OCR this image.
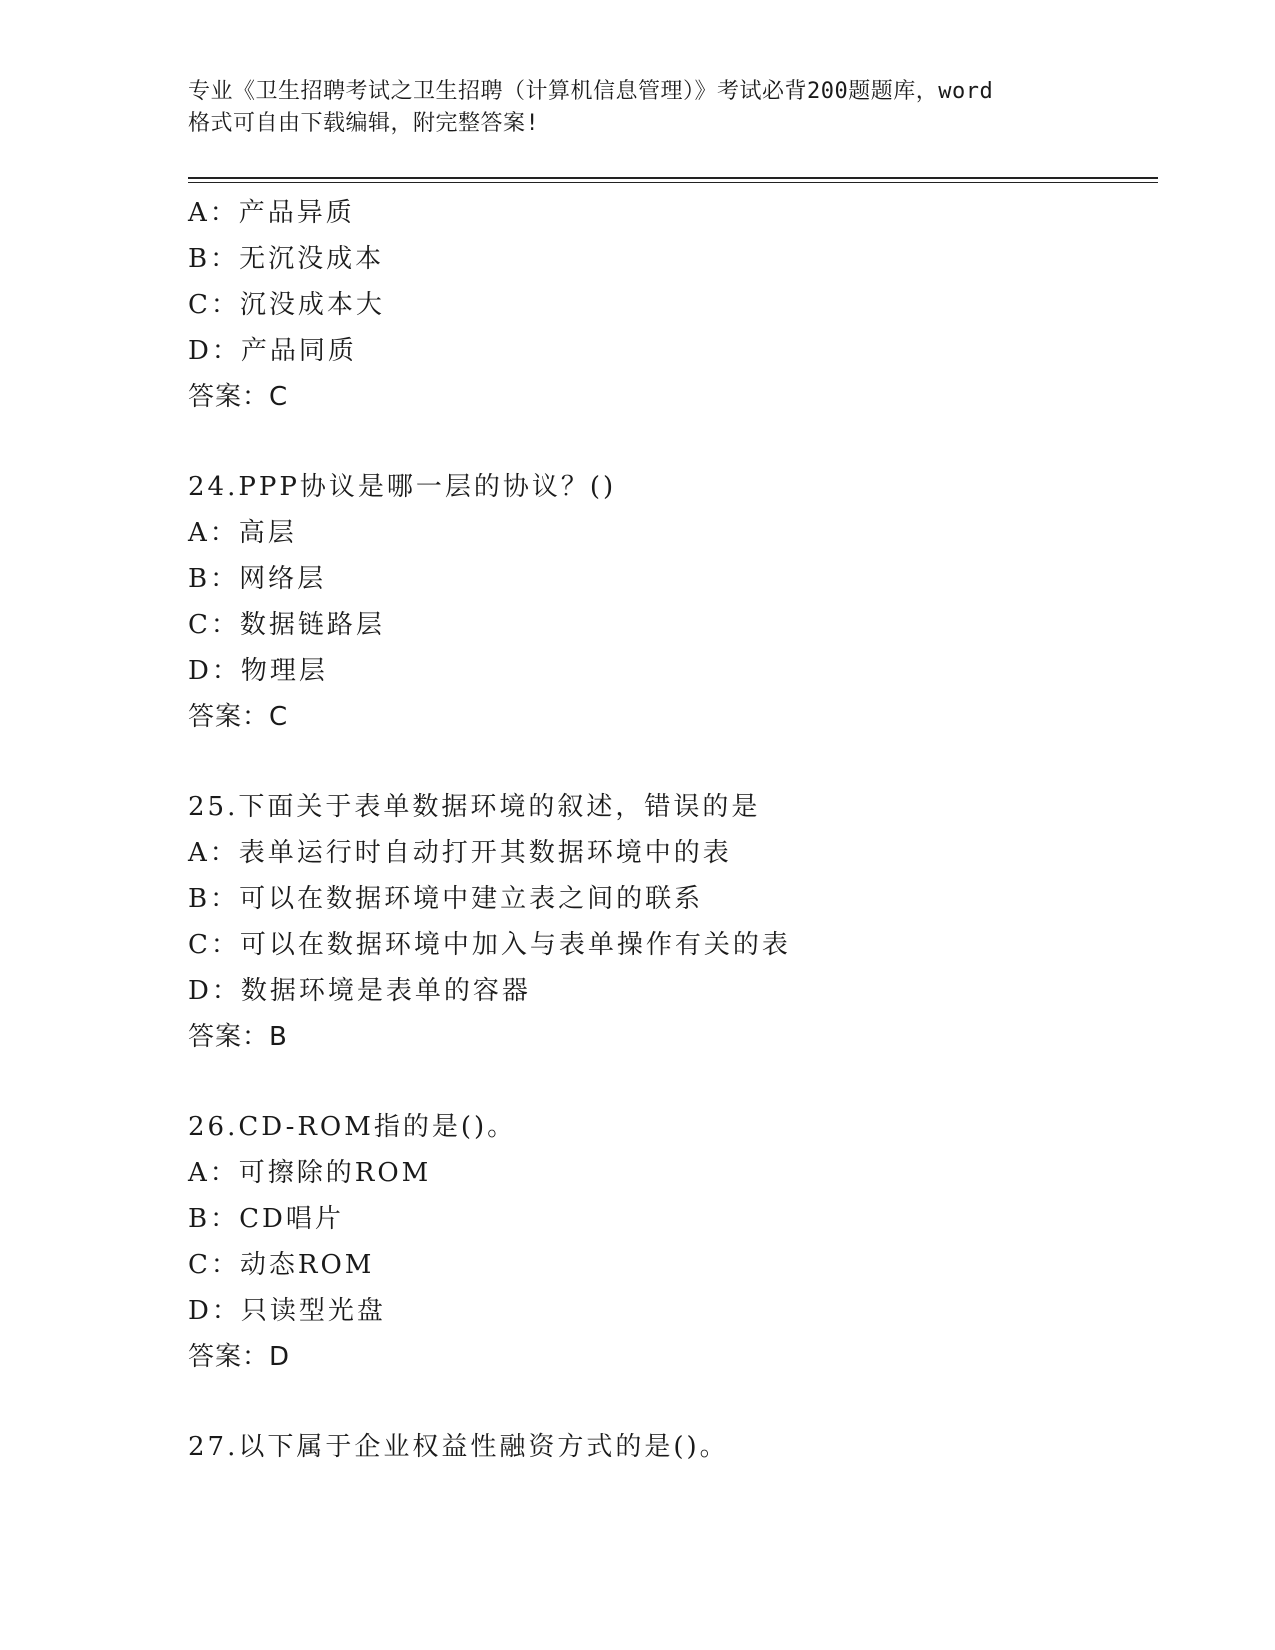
专业《卫生招聘考试之卫生招聘（计算机信息管理）》考试必背200题题库，word
格式可自由下载编辑，附完整答案!
A：产品异质
B：无沉没成本
C：沉没成本大
D：产品同质
答案：C
24.PPP协议是哪一层的协议？()
A：高层
B：网络层
C：数据链路层
D：物理层
答案：C
25.下面关于表单数据环境的叙述，错误的是
A：表单运行时自动打开其数据环境中的表
B：可以在数据环境中建立表之间的联系
C：可以在数据环境中加入与表单操作有关的表
D：数据环境是表单的容器
答案：B
26.CD-ROM指的是()。
A：可擦除的ROM
B：CD唱片
C：动态ROM
D：只读型光盘
答案：D
27.以下属于企业权益性融资方式的是()。
